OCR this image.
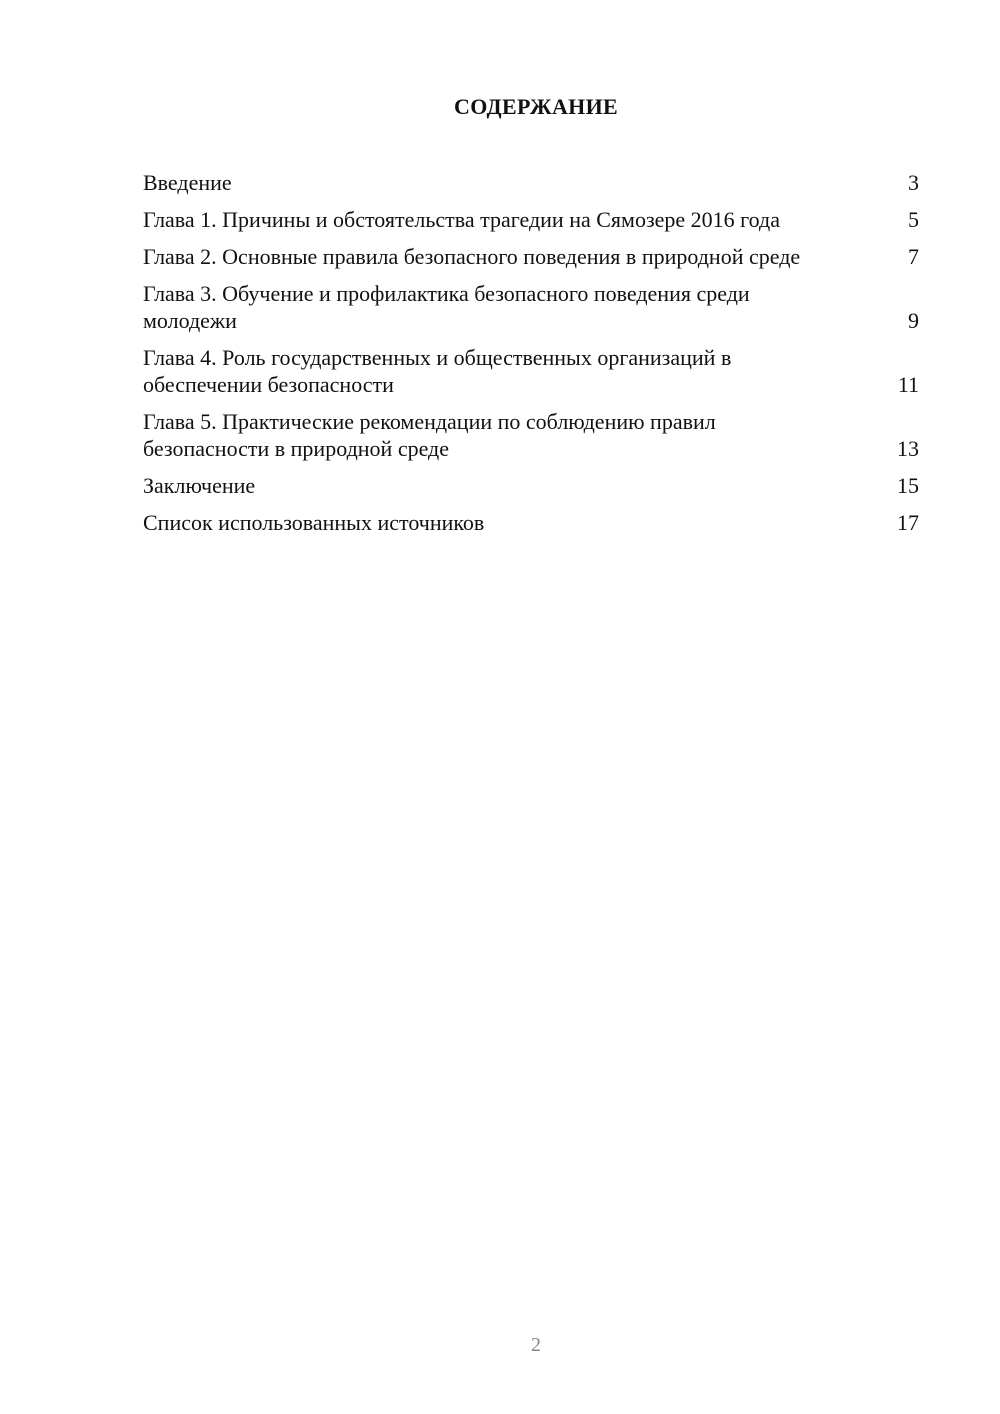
СОДЕРЖАНИЕ
Введение	3
Глава 1. Причины и обстоятельства трагедии на Сямозере 2016 года	5
Глава 2. Основные правила безопасного поведения в природной среде	7
Глава 3. Обучение и профилактика безопасного поведения среди молодежи	9
Глава 4. Роль государственных и общественных организаций в обеспечении безопасности	11
Глава 5. Практические рекомендации по соблюдению правил безопасности в природной среде	13
Заключение	15
Список использованных источников	17
2
